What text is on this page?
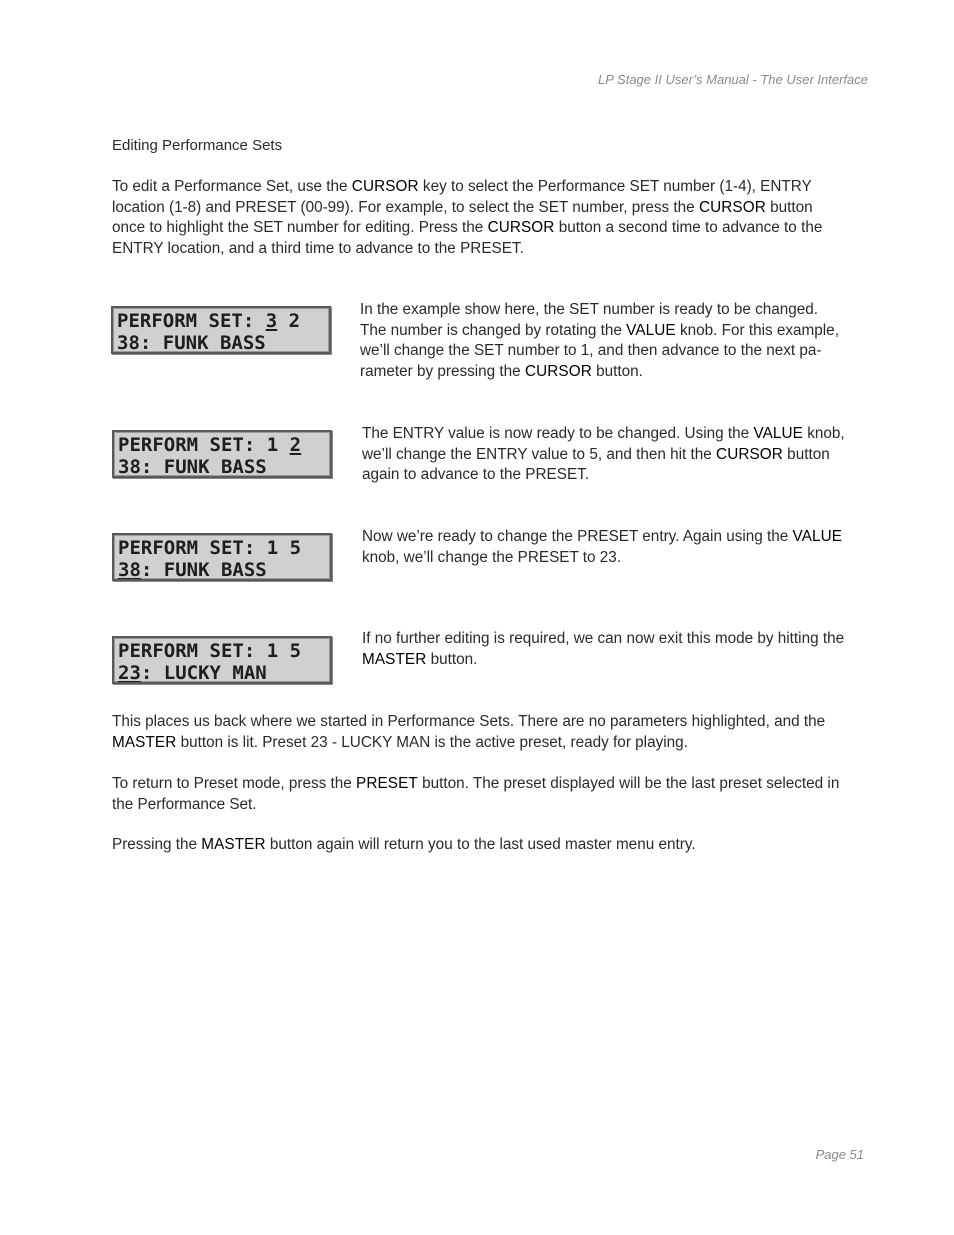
LP Stage II User’s Manual - The User Interface
Editing Performance Sets

To edit a Performance Set, use the CURSOR key to select the Performance SET number (1-4), ENTRY location (1-8) and PRESET (00-99). For example, to select the SET number, press the CURSOR button once to highlight the SET number for editing. Press the CURSOR button a second time to advance to the ENTRY location, and a third time to advance to the PRESET.

PERFORM SET: 3 2
38: FUNK BASS

In the example show here, the SET number is ready to be changed. The number is changed by rotating the VALUE knob. For this example, we’ll change the SET number to 1, and then advance to the next pa-rameter by pressing the CURSOR button.

PERFORM SET: 1 2
38: FUNK BASS

The ENTRY value is now ready to be changed. Using the VALUE knob, we’ll change the ENTRY value to 5, and then hit the CURSOR button again to advance to the PRESET.

PERFORM SET: 1 5
38: FUNK BASS

Now we’re ready to change the PRESET entry. Again using the VALUE knob, we’ll change the PRESET to 23.

PERFORM SET: 1 5
23: LUCKY MAN

If no further editing is required, we can now exit this mode by hitting the MASTER button.

This places us back where we started in Performance Sets. There are no parameters highlighted, and the MASTER button is lit. Preset 23 - LUCKY MAN is the active preset, ready for playing.

To return to Preset mode, press the PRESET button. The preset displayed will be the last preset selected in the Performance Set.

Pressing the MASTER button again will return you to the last used master menu entry.

Page 51
